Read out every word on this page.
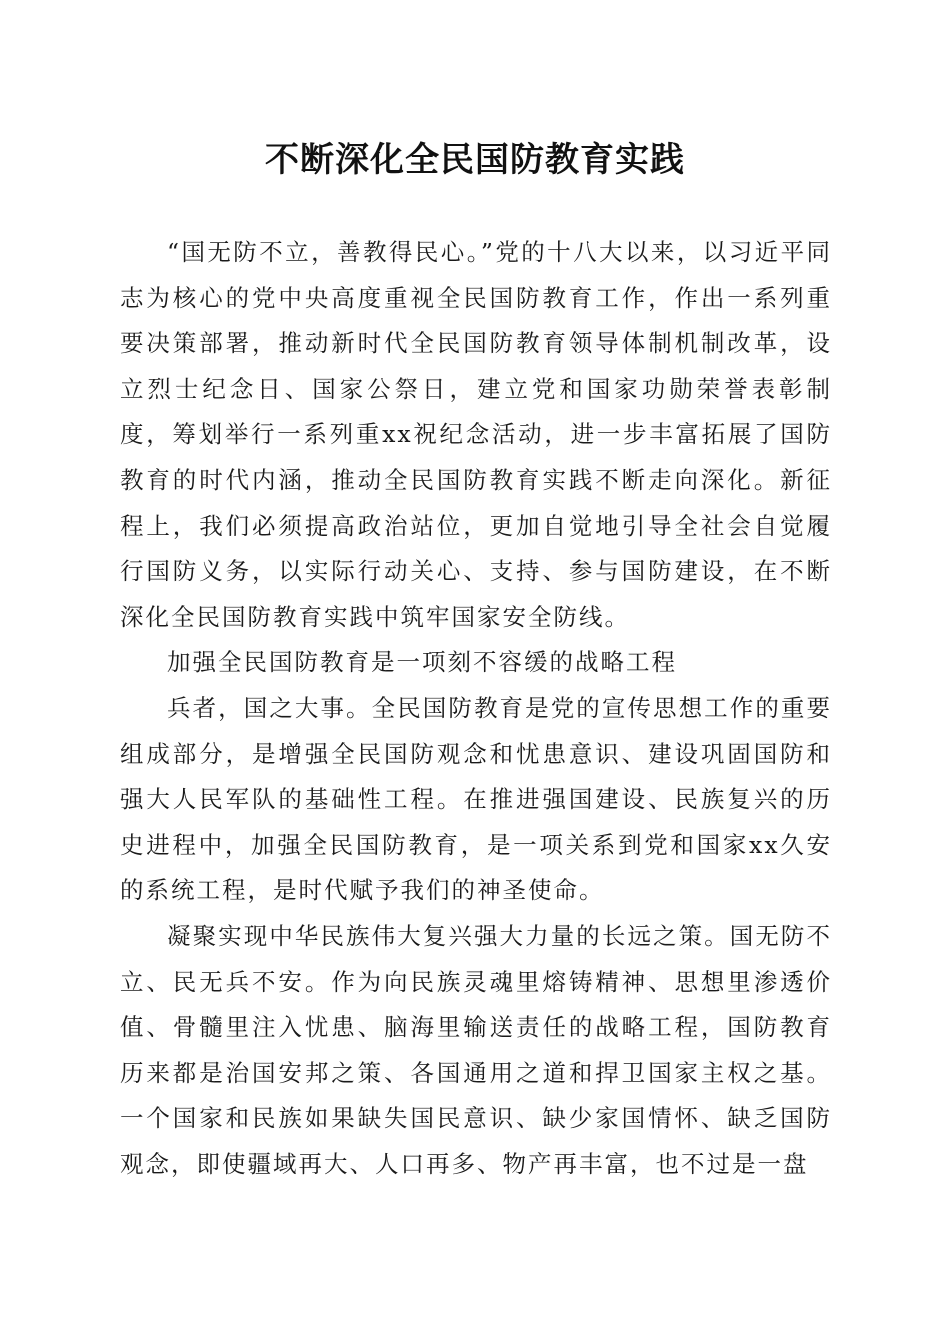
不断深化全民国防教育实践

“国无防不立，善教得民心。”党的十八大以来，以习近平同志为核心的党中央高度重视全民国防教育工作，作出一系列重要决策部署，推动新时代全民国防教育领导体制机制改革，设立烈士纪念日、国家公祭日，建立党和国家功勋荣誉表彰制度，筹划举行一系列重xx祝纪念活动，进一步丰富拓展了国防教育的时代内涵，推动全民国防教育实践不断走向深化。新征程上，我们必须提高政治站位，更加自觉地引导全社会自觉履行国防义务，以实际行动关心、支持、参与国防建设，在不断深化全民国防教育实践中筑牢国家安全防线。

加强全民国防教育是一项刻不容缓的战略工程

兵者，国之大事。全民国防教育是党的宣传思想工作的重要组成部分，是增强全民国防观念和忧患意识、建设巩固国防和强大人民军队的基础性工程。在推进强国建设、民族复兴的历史进程中，加强全民国防教育，是一项关系到党和国家xx久安的系统工程，是时代赋予我们的神圣使命。

凝聚实现中华民族伟大复兴强大力量的长远之策。国无防不立、民无兵不安。作为向民族灵魂里熔铸精神、思想里渗透价值、骨髓里注入忧患、脑海里输送责任的战略工程，国防教育历来都是治国安邦之策、各国通用之道和捍卫国家主权之基。一个国家和民族如果缺失国民意识、缺少家国情怀、缺乏国防观念，即使疆域再大、人口再多、物产再丰富，也不过是一盘
